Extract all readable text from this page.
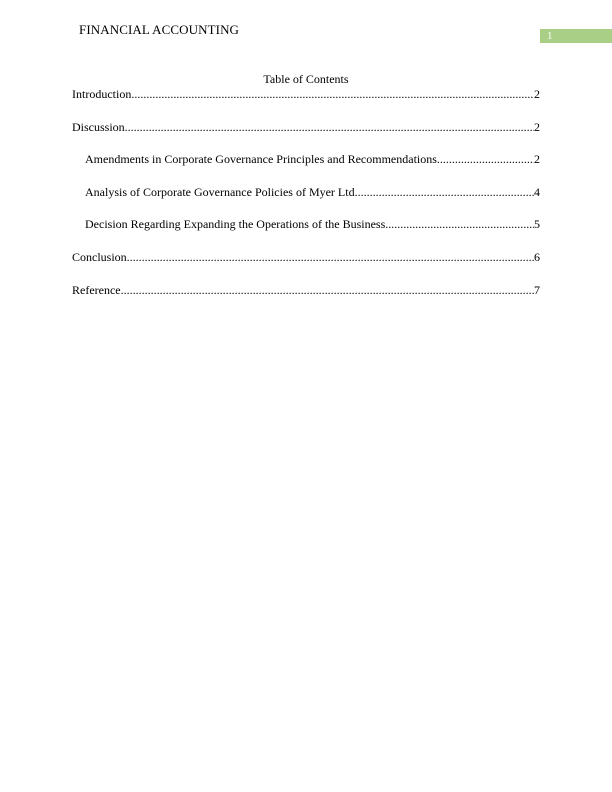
FINANCIAL ACCOUNTING	1
Table of Contents
Introduction .....	2
Discussion .....	2
Amendments in Corporate Governance Principles and Recommendations .....	2
Analysis of Corporate Governance Policies of Myer Ltd .....	4
Decision Regarding Expanding the Operations of the Business .....	5
Conclusion .....	6
Reference .....	7
